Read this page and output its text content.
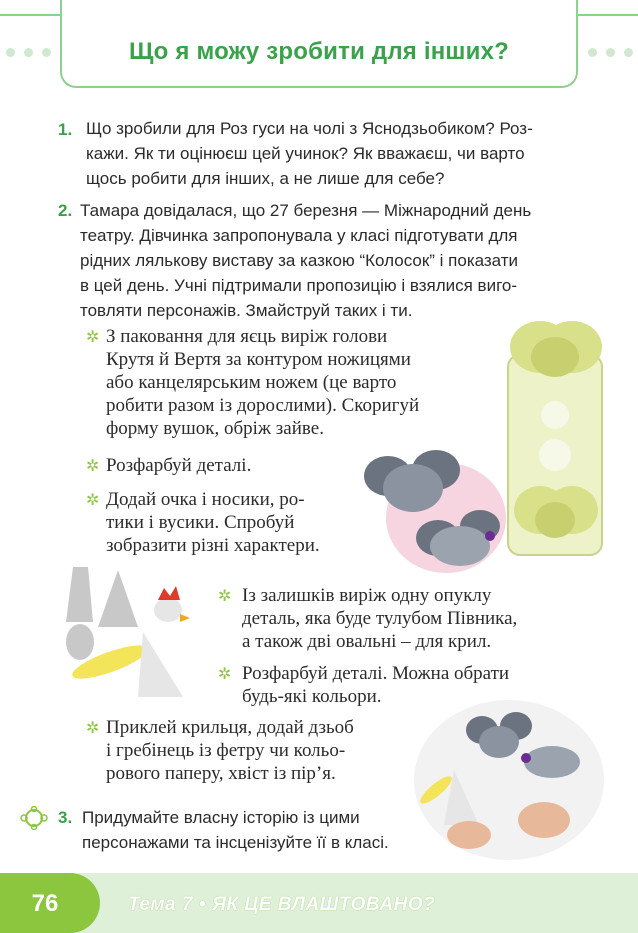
Що я можу зробити для інших?
1. Що зробили для Роз гуси на чолі з Яснодзьобиком? Роз-
кажи. Як ти оцінюєш цей учинок? Як вважаєш, чи варто
щось робити для інших, а не лише для себе?
2. Тамара довідалася, що 27 березня — Міжнародний день
театру. Дівчинка запропонувала у класі підготувати для
рідних лялькову виставу за казкою “Колосок” і показати
в цей день. Учні підтримали пропозицію і взялися виго-
товляти персонажів. Змайструй таких і ти.
✲ З паковання для яєць виріж голови
Крутя й Вертя за контуром ножицями
або канцелярським ножем (це варто
робити разом із дорослими). Скоригуй
форму вушок, обріж зайве.
✲ Розфарбуй деталі.
✲ Додай очка і носики, ро-
тики і вусики. Спробуй
зобразити різні характери.
✲ Із залишків виріж одну опуклу
деталь, яка буде тулубом Півника,
а також дві овальні – для крил.
✲ Розфарбуй деталі. Можна обрати
будь-які кольори.
✲ Приклей крильця, додай дзьоб
і гребінець із фетру чи кольо-
рового паперу, хвіст із пір’я.
3. Придумайте власну історію із цими
персонажами та інсценізуйте її в класі.
76	Тема 7 • ЯК ЦЕ ВЛАШТОВАНО?
